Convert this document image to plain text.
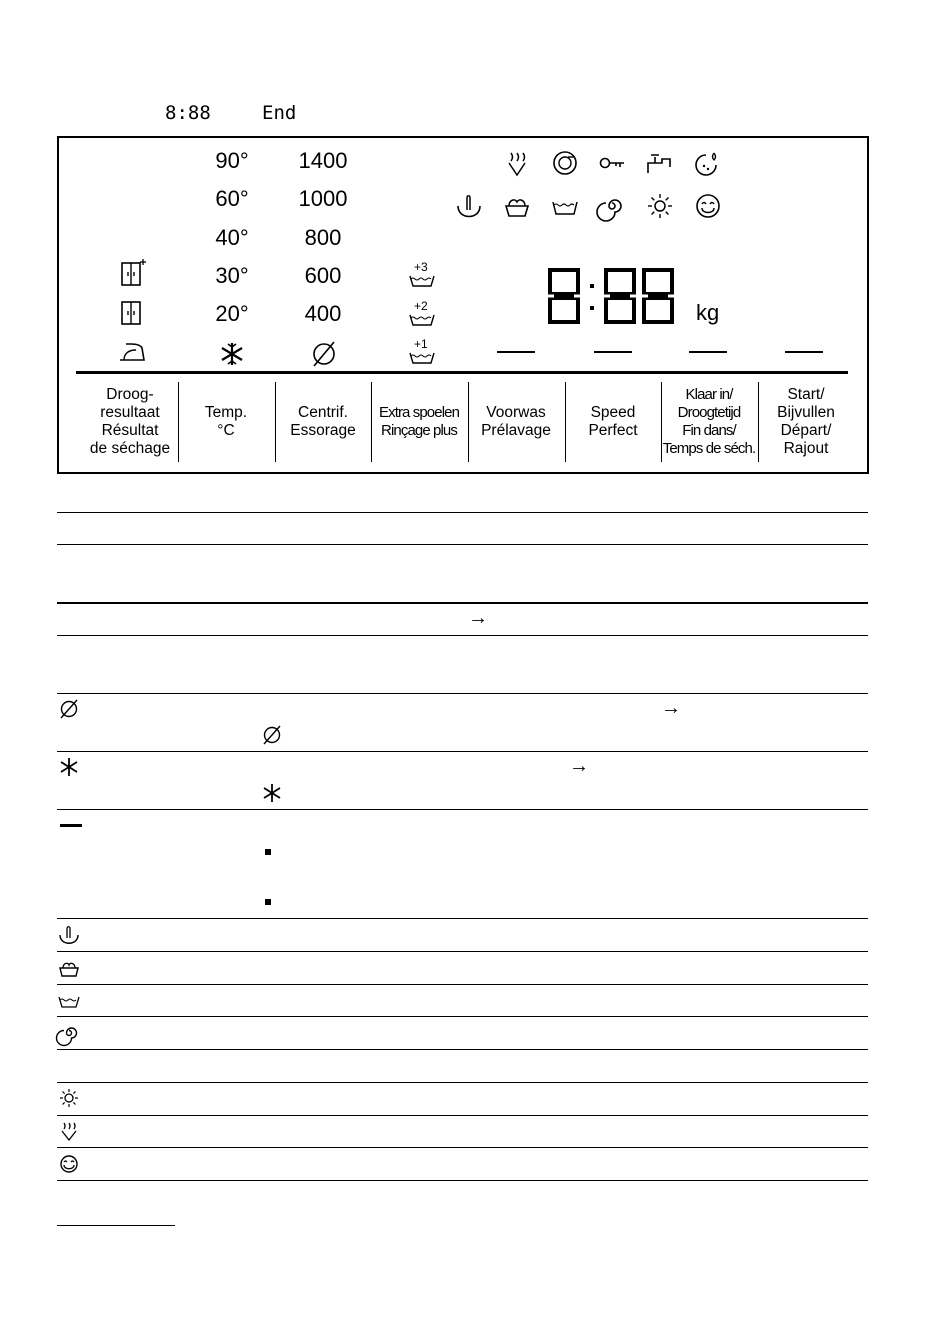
8:88	End
90°
60°
40°
30°
20°
1400
1000
800
600
400
+3
+2
+1
kg
Droog-
resultaat
Résultat
de séchage
Temp.
°C
Centrif.
Essorage
Extra spoelen
Rinçage plus
Voorwas
Prélavage
Speed
Perfect
Klaar in/
Droogtetijd
Fin dans/
Temps de séch.
Start/
Bijvullen
Départ/
Rajout
→
→
→
